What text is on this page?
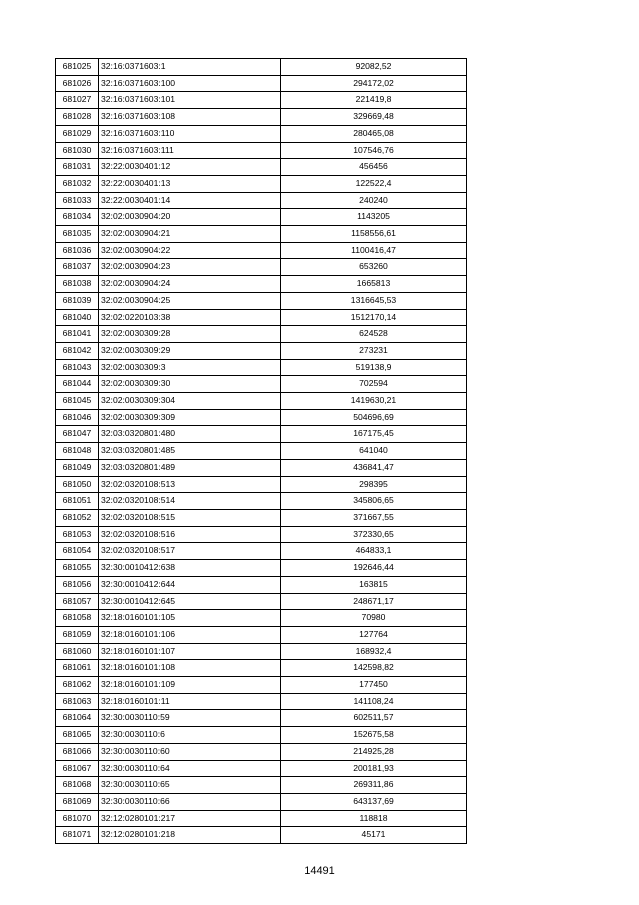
681025	32:16:0371603:1	92082,52
681026	32:16:0371603:100	294172,02
681027	32:16:0371603:101	221419,8
681028	32:16:0371603:108	329669,48
681029	32:16:0371603:110	280465,08
681030	32:16:0371603:111	107546,76
681031	32:22:0030401:12	456456
681032	32:22:0030401:13	122522,4
681033	32:22:0030401:14	240240
681034	32:02:0030904:20	1143205
681035	32:02:0030904:21	1158556,61
681036	32:02:0030904:22	1100416,47
681037	32:02:0030904:23	653260
681038	32:02:0030904:24	1665813
681039	32:02:0030904:25	1316645,53
681040	32:02:0220103:38	1512170,14
681041	32:02:0030309:28	624528
681042	32:02:0030309:29	273231
681043	32:02:0030309:3	519138,9
681044	32:02:0030309:30	702594
681045	32:02:0030309:304	1419630,21
681046	32:02:0030309:309	504696,69
681047	32:03:0320801:480	167175,45
681048	32:03:0320801:485	641040
681049	32:03:0320801:489	436841,47
681050	32:02:0320108:513	298395
681051	32:02:0320108:514	345806,65
681052	32:02:0320108:515	371667,55
681053	32:02:0320108:516	372330,65
681054	32:02:0320108:517	464833,1
681055	32:30:0010412:638	192646,44
681056	32:30:0010412:644	163815
681057	32:30:0010412:645	248671,17
681058	32:18:0160101:105	70980
681059	32:18:0160101:106	127764
681060	32:18:0160101:107	168932,4
681061	32:18:0160101:108	142598,82
681062	32:18:0160101:109	177450
681063	32:18:0160101:11	141108,24
681064	32:30:0030110:59	602511,57
681065	32:30:0030110:6	152675,58
681066	32:30:0030110:60	214925,28
681067	32:30:0030110:64	200181,93
681068	32:30:0030110:65	269311,86
681069	32:30:0030110:66	643137,69
681070	32:12:0280101:217	118818
681071	32:12:0280101:218	45171
14491
